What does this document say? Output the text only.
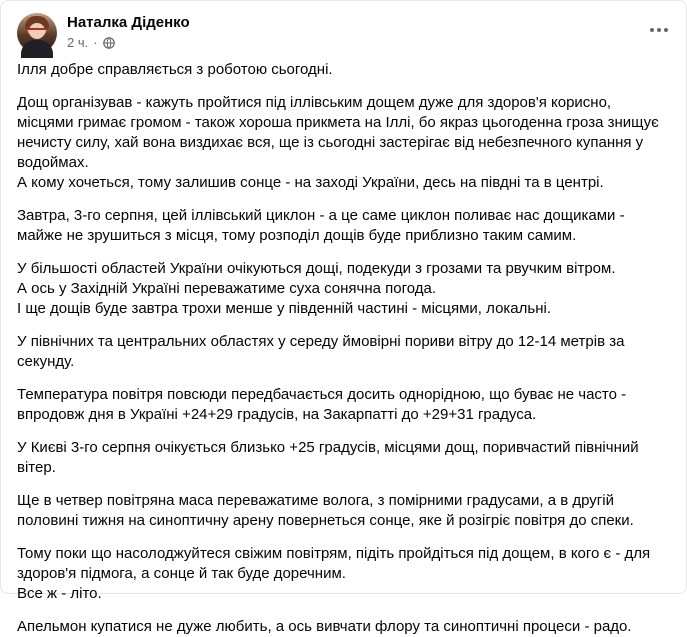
Наталка Діденко
2 ч. ·

Ілля добре справляється з роботою сьогодні.

Дощ організував - кажуть пройтися під іллівським дощем дуже для здоров'я корисно, місцями гримає громом - також хороша прикмета на Іллі, бо якраз цьогоденна гроза знищує нечисту силу, хай вона виздихає вся, ще із сьогодні застерігає від небезпечного купання у водоймах.
А кому хочеться, тому залишив сонце - на заході України, десь на півдні та в центрі.

Завтра, 3-го серпня, цей іллівський циклон - а це саме циклон поливає нас дощиками - майже не зрушиться з місця, тому розподіл дощів буде приблизно таким самим.

У більшості областей України очікуються дощі, подекуди з грозами та рвучким вітром.
А ось у Західній Україні переважатиме суха сонячна погода.
І ще дощів буде завтра трохи менше у південній частині - місцями, локальні.

У північних та центральних областях у середу ймовірні пориви вітру до 12-14 метрів за секунду.

Температура повітря повсюди передбачається досить однорідною, що буває не часто - впродовж дня в Україні +24+29 градусів, на Закарпатті до +29+31 градуса.

У Києві 3-го серпня очікується близько +25 градусів, місцями дощ, поривчастий північний вітер.

Ще в четвер повітряна маса переважатиме волога, з помірними градусами, а в другій половині тижня на синоптичну арену повернеться сонце, яке й розігріє повітря до спеки.

Тому поки що насолоджуйтеся свіжим повітрям, підіть пройдіться під дощем, в кого є - для здоров'я підмога, а сонце й так буде доречним.
Все ж - літо.

Апельмон купатися не дуже любить, а ось вивчати флору та синоптичні процеси - радо.
